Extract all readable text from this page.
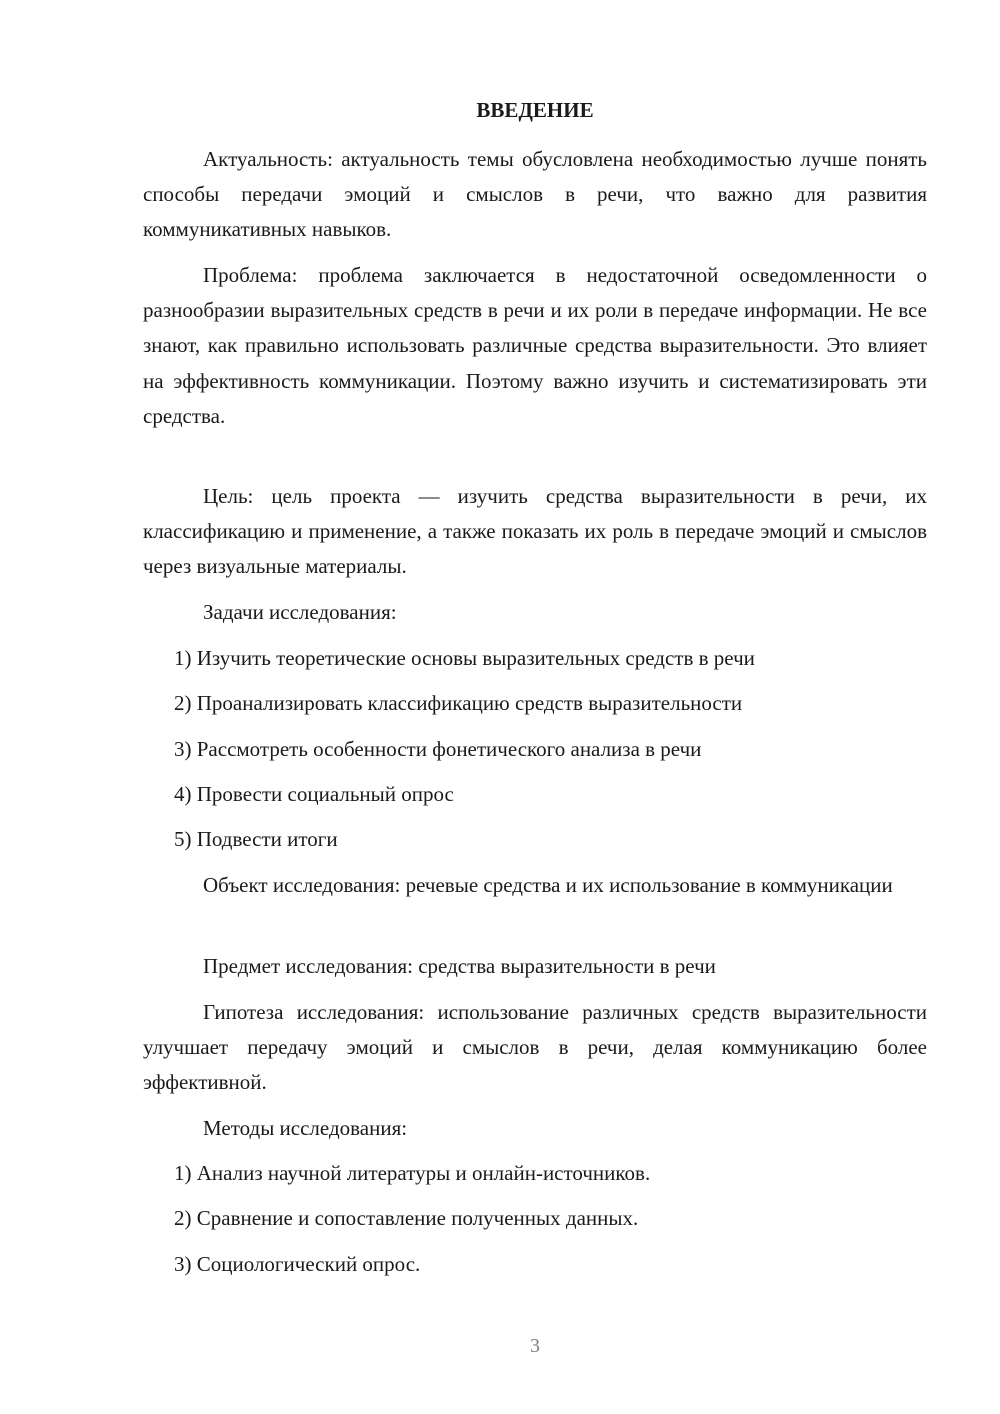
ВВЕДЕНИЕ

Актуальность: актуальность темы обусловлена необходимостью лучше понять способы передачи эмоций и смыслов в речи, что важно для развития коммуникативных навыков.

Проблема: проблема заключается в недостаточной осведомленности о разнообразии выразительных средств в речи и их роли в передаче информации. Не все знают, как правильно использовать различные средства выразительности. Это влияет на эффективность коммуникации. Поэтому важно изучить и систематизировать эти средства.

Цель: цель проекта — изучить средства выразительности в речи, их классификацию и применение, а также показать их роль в передаче эмоций и смыслов через визуальные материалы.

Задачи исследования:

1) Изучить теоретические основы выразительных средств в речи

2) Проанализировать классификацию средств выразительности

3) Рассмотреть особенности фонетического анализа в речи

4) Провести социальный опрос

5) Подвести итоги

Объект исследования: речевые средства и их использование в коммуникации

Предмет исследования: средства выразительности в речи

Гипотеза исследования: использование различных средств выразительности улучшает передачу эмоций и смыслов в речи, делая коммуникацию более эффективной.

Методы исследования:

1) Анализ научной литературы и онлайн-источников.

2) Сравнение и сопоставление полученных данных.

3) Социологический опрос.

3
